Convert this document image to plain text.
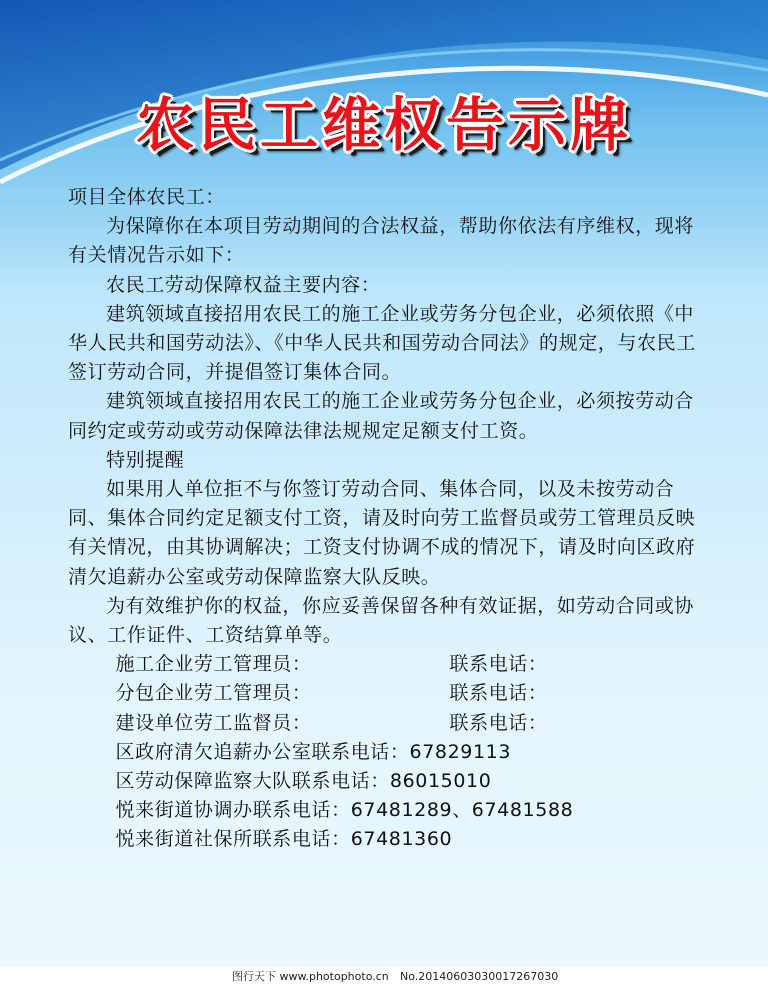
农民工维权告示牌

项目全体农民工：

为保障你在本项目劳动期间的合法权益，帮助你依法有序维权，现将有关情况告示如下：

农民工劳动保障权益主要内容：

建筑领域直接招用农民工的施工企业或劳务分包企业，必须依照《中华人民共和国劳动法》、《中华人民共和国劳动合同法》的规定，与农民工签订劳动合同，并提倡签订集体合同。

建筑领域直接招用农民工的施工企业或劳务分包企业，必须按劳动合同约定或劳动或劳动保障法律法规规定足额支付工资。

特别提醒

如果用人单位拒不与你签订劳动合同、集体合同，以及未按劳动合同、集体合同约定足额支付工资，请及时向劳工监督员或劳工管理员反映有关情况，由其协调解决；工资支付协调不成的情况下，请及时向区政府清欠追薪办公室或劳动保障监察大队反映。

为有效维护你的权益，你应妥善保留各种有效证据，如劳动合同或协议、工作证件、工资结算单等。

施工企业劳工管理员：	联系电话：
分包企业劳工管理员：	联系电话：
建设单位劳工监督员：	联系电话：

区政府清欠追薪办公室联系电话：67829113

区劳动保障监察大队联系电话：86015010

悦来街道协调办联系电话：67481289、67481588

悦来街道社保所联系电话：67481360

图行天下 www.photophoto.cn No.20140603030017267030
